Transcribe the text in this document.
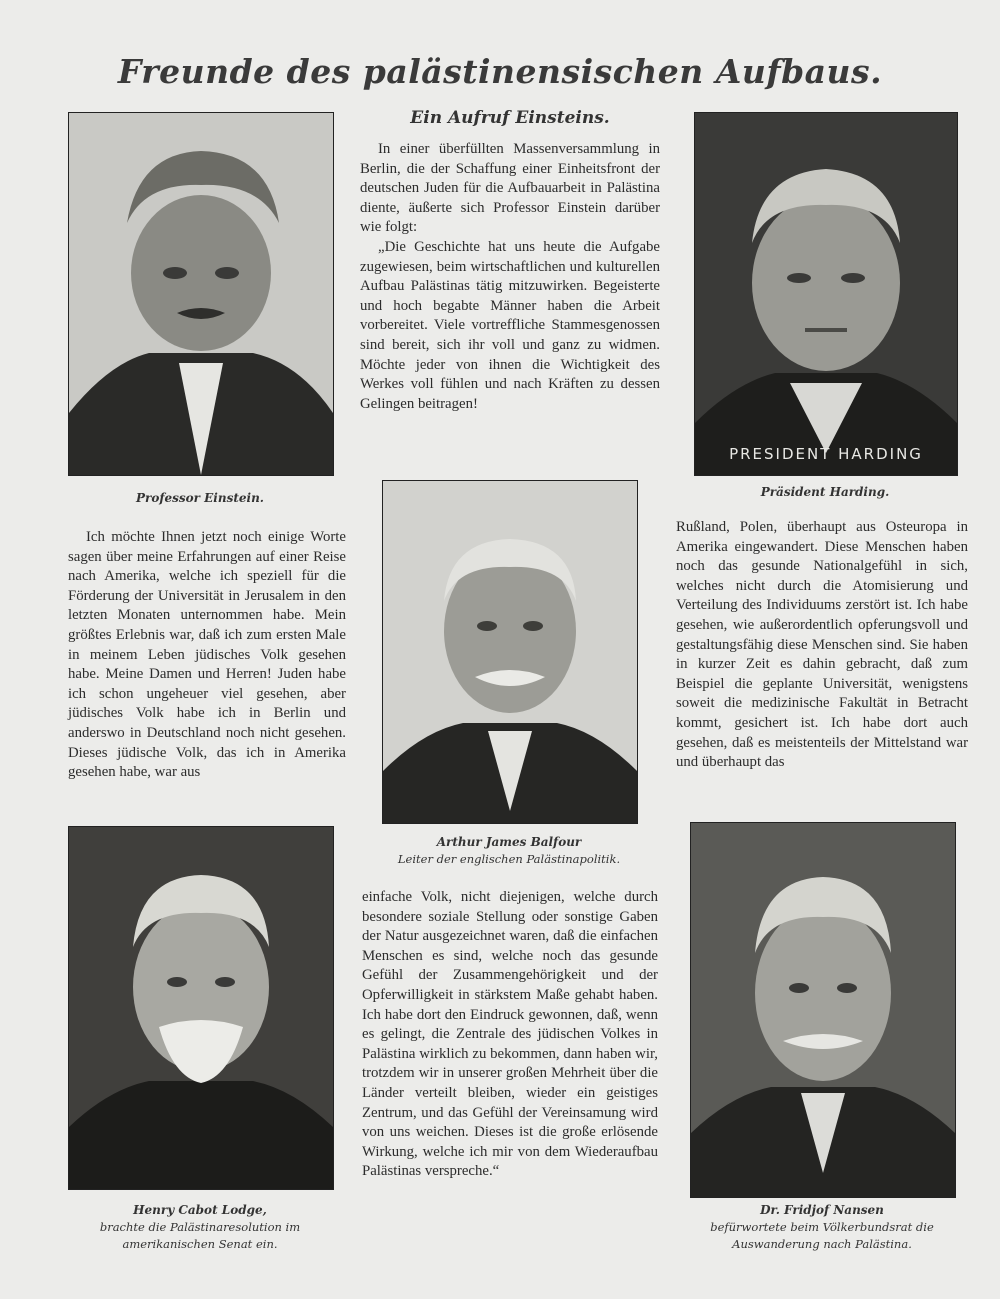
Freunde des palästinensischen Aufbaus.
Ein Aufruf Einsteins.
Professor Einstein.
PRESIDENT HARDING
Präsident Harding.
Arthur James Balfour
Leiter der englischen Palästinapolitik.
Henry Cabot Lodge,
brachte die Palästinaresolution im amerikanischen Senat ein.
Dr. Fridjof Nansen
befürwortete beim Völkerbundsrat die Auswanderung nach Palästina.

In einer überfüllten Massenversammlung in Berlin, die der Schaffung einer Einheitsfront der deutschen Juden für die Aufbauarbeit in Palästina diente, äußerte sich Professor Einstein darüber wie folgt:

„Die Geschichte hat uns heute die Aufgabe zugewiesen, beim wirtschaftlichen und kulturellen Aufbau Palästinas tätig mitzuwirken. Begeisterte und hoch begabte Männer haben die Arbeit vorbereitet. Viele vortreffliche Stammesgenossen sind bereit, sich ihr voll und ganz zu widmen. Möchte jeder von ihnen die Wichtigkeit des Werkes voll fühlen und nach Kräften zu dessen Gelingen beitragen!

Ich möchte Ihnen jetzt noch einige Worte sagen über meine Erfahrungen auf einer Reise nach Amerika, welche ich speziell für die Förderung der Universität in Jerusalem in den letzten Monaten unternommen habe. Mein größtes Erlebnis war, daß ich zum ersten Male in meinem Leben jüdisches Volk gesehen habe. Meine Damen und Herren! Juden habe ich schon ungeheuer viel gesehen, aber jüdisches Volk habe ich in Berlin und anderswo in Deutschland noch nicht gesehen. Dieses jüdische Volk, das ich in Amerika gesehen habe, war aus

Rußland, Polen, überhaupt aus Osteuropa in Amerika eingewandert. Diese Menschen haben noch das gesunde Nationalgefühl in sich, welches nicht durch die Atomisierung und Verteilung des Individuums zerstört ist. Ich habe gesehen, wie außerordentlich opferungsvoll und gestaltungsfähig diese Menschen sind. Sie haben in kurzer Zeit es dahin gebracht, daß zum Beispiel die geplante Universität, wenigstens soweit die medizinische Fakultät in Betracht kommt, gesichert ist. Ich habe dort auch gesehen, daß es meistenteils der Mittelstand war und überhaupt das

einfache Volk, nicht diejenigen, welche durch besondere soziale Stellung oder sonstige Gaben der Natur ausgezeichnet waren, daß die einfachen Menschen es sind, welche noch das gesunde Gefühl der Zusammengehörigkeit und der Opferwilligkeit in stärkstem Maße gehabt haben. Ich habe dort den Eindruck gewonnen, daß, wenn es gelingt, die Zentrale des jüdischen Volkes in Palästina wirklich zu bekommen, dann haben wir, trotzdem wir in unserer großen Mehrheit über die Länder verteilt bleiben, wieder ein geistiges Zentrum, und das Gefühl der Vereinsamung wird von uns weichen. Dieses ist die große erlösende Wirkung, welche ich mir von dem Wiederaufbau Palästinas verspreche.“
